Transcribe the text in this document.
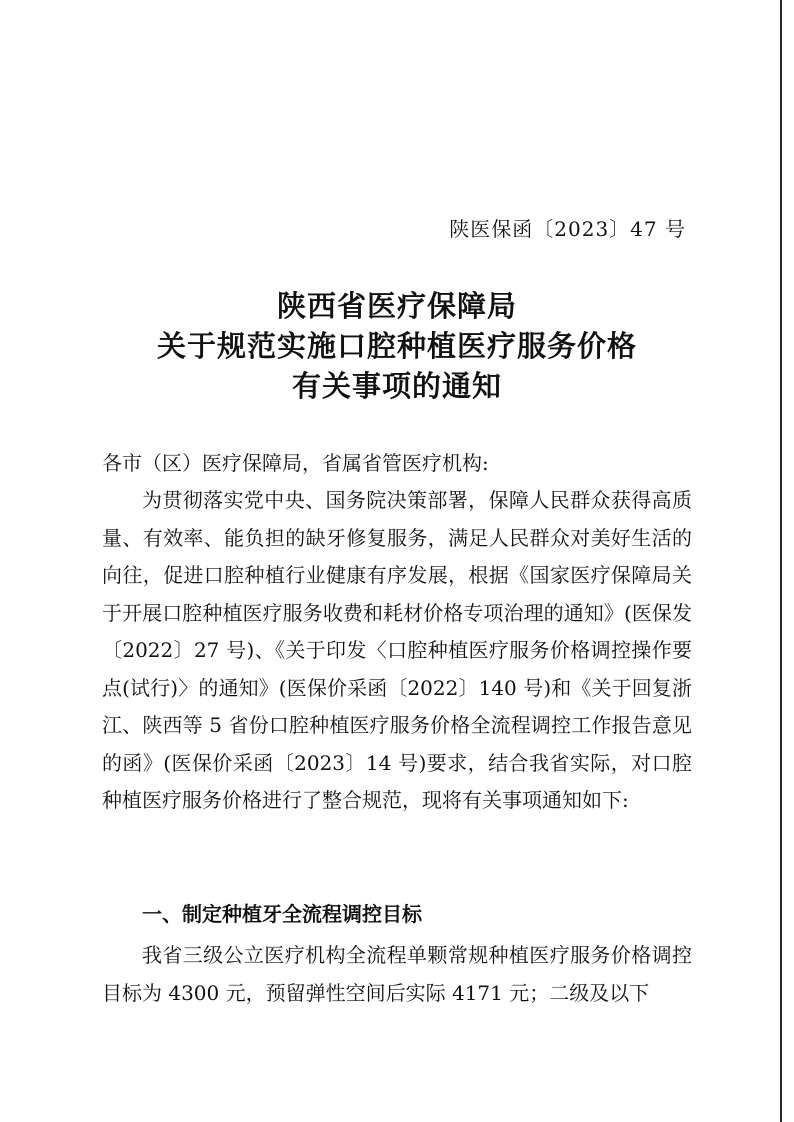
陕医保函〔2023〕47 号
陕西省医疗保障局
关于规范实施口腔种植医疗服务价格
有关事项的通知
各市（区）医疗保障局，省属省管医疗机构:

为贯彻落实党中央、国务院决策部署，保障人民群众获得高质量、有效率、能负担的缺牙修复服务，满足人民群众对美好生活的向往，促进口腔种植行业健康有序发展，根据《国家医疗保障局关于开展口腔种植医疗服务收费和耗材价格专项治理的通知》(医保发〔2022〕27 号)、《关于印发〈口腔种植医疗服务价格调控操作要点(试行)〉的通知》(医保价采函〔2022〕140 号)和《关于回复浙江、陕西等 5 省份口腔种植医疗服务价格全流程调控工作报告意见的函》(医保价采函〔2023〕14 号)要求，结合我省实际，对口腔种植医疗服务价格进行了整合规范，现将有关事项通知如下:

一、制定种植牙全流程调控目标

我省三级公立医疗机构全流程单颗常规种植医疗服务价格调控目标为 4300 元，预留弹性空间后实际 4171 元；二级及以下
